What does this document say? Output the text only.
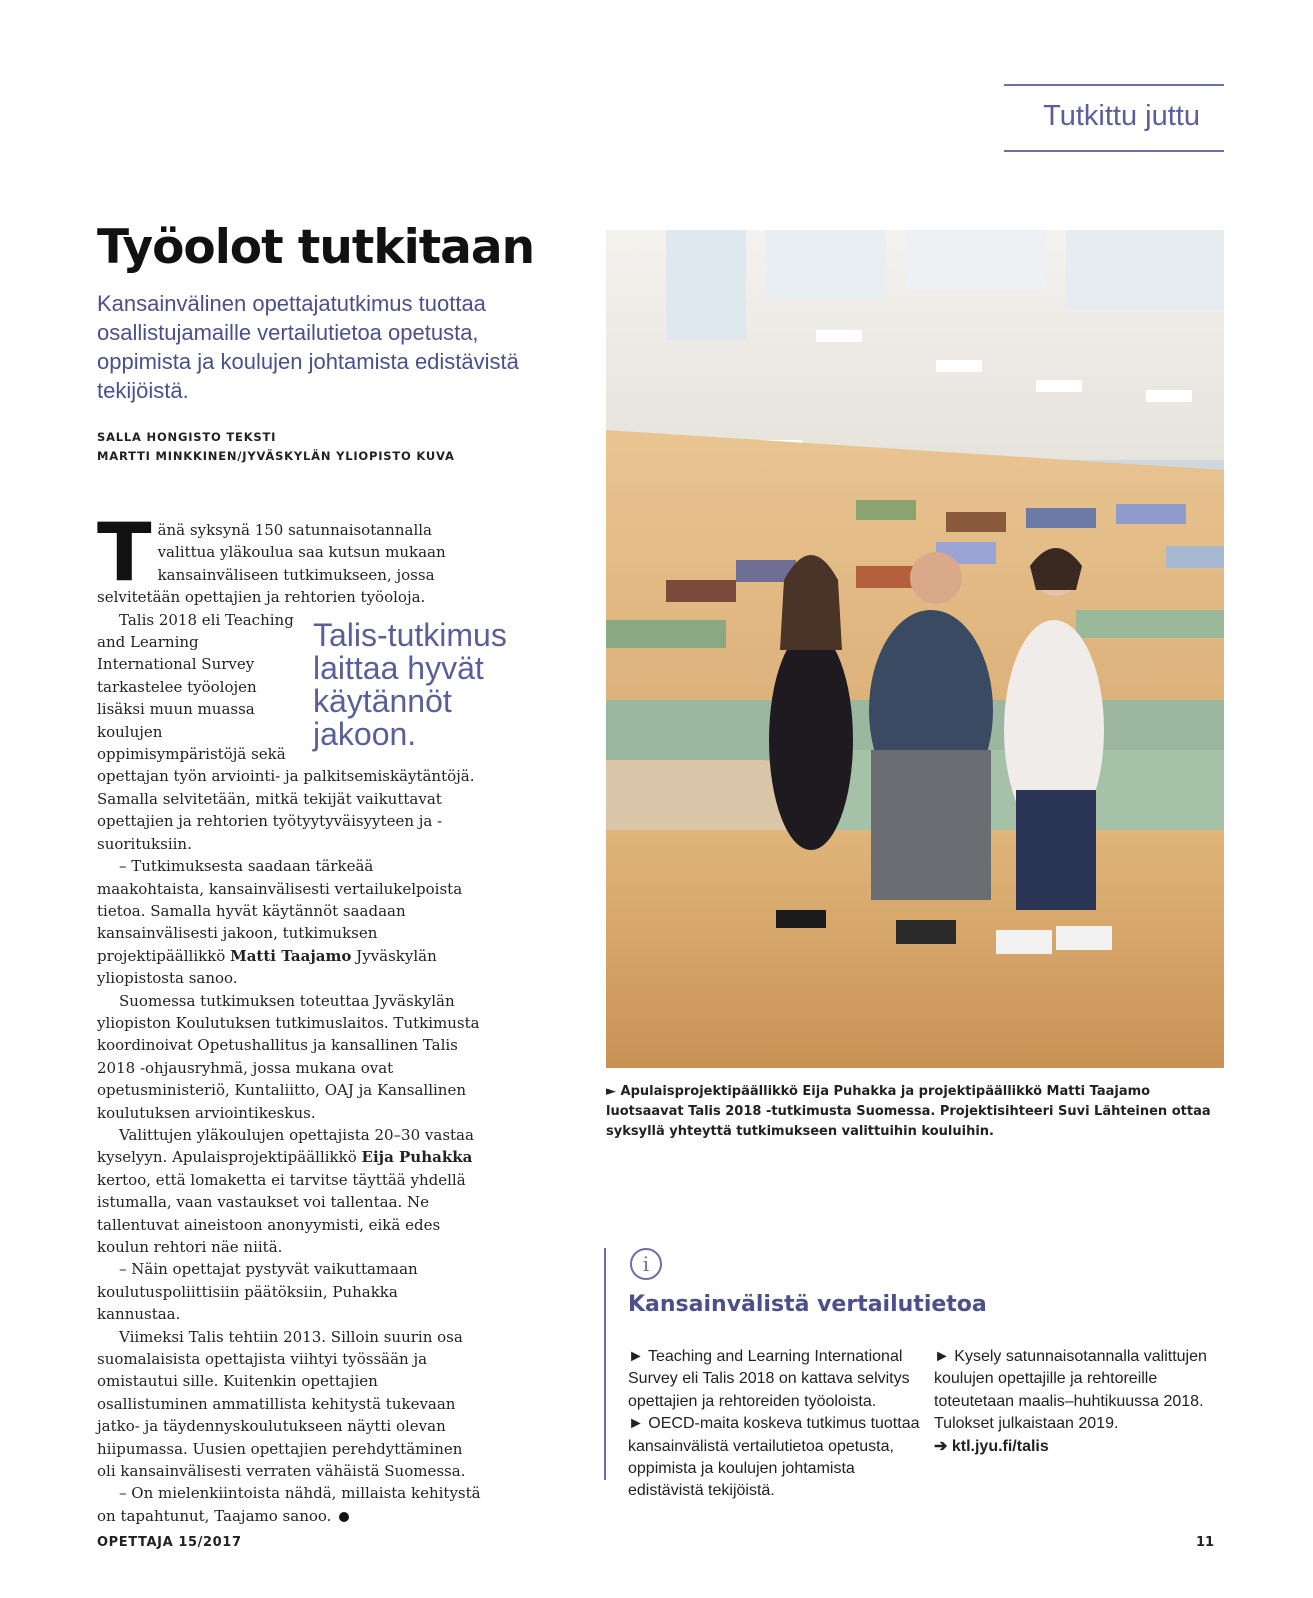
Tutkittu juttu
Työolot tutkitaan
Kansainvälinen opettajatutkimus tuottaa osallistujamaille vertailutietoa opetusta, oppimista ja koulujen johtamista edistävistä tekijöistä.
SALLA HONGISTO TEKSTI
MARTTI MINKKINEN/JYVÄSKYLÄN YLIOPISTO KUVA

Tänä syksynä 150 satunnaisotannalla valittua yläkoulua saa kutsun mukaan kansainväliseen tutkimukseen, jossa selvitetään opettajien ja rehtorien työoloja.

Talis-tutkimus laittaa hyvät käytännöt jakoon.

Talis 2018 eli Teaching and Learning International Survey tarkastelee työolojen lisäksi muun muassa koulujen oppimisympäristöjä sekä opettajan työn arviointi- ja palkitsemiskäytäntöjä. Samalla selvitetään, mitkä tekijät vaikuttavat opettajien ja rehtorien työtyytyväisyyteen ja -suorituksiin.

– Tutkimuksesta saadaan tärkeää maakohtaista, kansainvälisesti vertailukelpoista tietoa. Samalla hyvät käytännöt saadaan kansainvälisesti jakoon, tutkimuksen projektipäällikkö Matti Taajamo Jyväskylän yliopistosta sanoo.

Suomessa tutkimuksen toteuttaa Jyväskylän yliopiston Koulutuksen tutkimuslaitos. Tutkimusta koordinoivat Opetushallitus ja kansallinen Talis 2018 -ohjausryhmä, jossa mukana ovat opetusministeriö, Kuntaliitto, OAJ ja Kansallinen koulutuksen arviointikeskus.

Valittujen yläkoulujen opettajista 20–30 vastaa kyselyyn. Apulaisprojektipäällikkö Eija Puhakka kertoo, että lomaketta ei tarvitse täyttää yhdellä istumalla, vaan vastaukset voi tallentaa. Ne tallentuvat aineistoon anonyymisti, eikä edes koulun rehtori näe niitä.

– Näin opettajat pystyvät vaikuttamaan koulutuspoliittisiin päätöksiin, Puhakka kannustaa.

Viimeksi Talis tehtiin 2013. Silloin suurin osa suomalaisista opettajista viihtyi työssään ja omistautui sille. Kuitenkin opettajien osallistuminen ammatillista kehitystä tukevaan jatko- ja täydennyskoulutukseen näytti olevan hiipumassa. Uusien opettajien perehdyttäminen oli kansainvälisesti verraten vähäistä Suomessa.

– On mielenkiintoista nähdä, millaista kehitystä on tapahtunut, Taajamo sanoo.

► Apulaisprojektipäällikkö Eija Puhakka ja projektipäällikkö Matti Taajamo luotsaavat Talis 2018 -tutkimusta Suomessa. Projektisihteeri Suvi Lähteinen ottaa syksyllä yhteyttä tutkimukseen valittuihin kouluihin.
i
Kansainvälistä vertailutietoa

► Teaching and Learning International Survey eli Talis 2018 on kattava selvitys opettajien ja rehtoreiden työoloista.

► OECD-maita koskeva tutkimus tuottaa kansainvälistä vertailutietoa opetusta, oppimista ja koulujen johtamista edistävistä tekijöistä.

► Kysely satunnaisotannalla valittujen koulujen opettajille ja rehtoreille toteutetaan maalis–huhtikuussa 2018. Tulokset julkaistaan 2019.

➔ ktl.jyu.fi/talis

OPETTAJA 15/2017	11
